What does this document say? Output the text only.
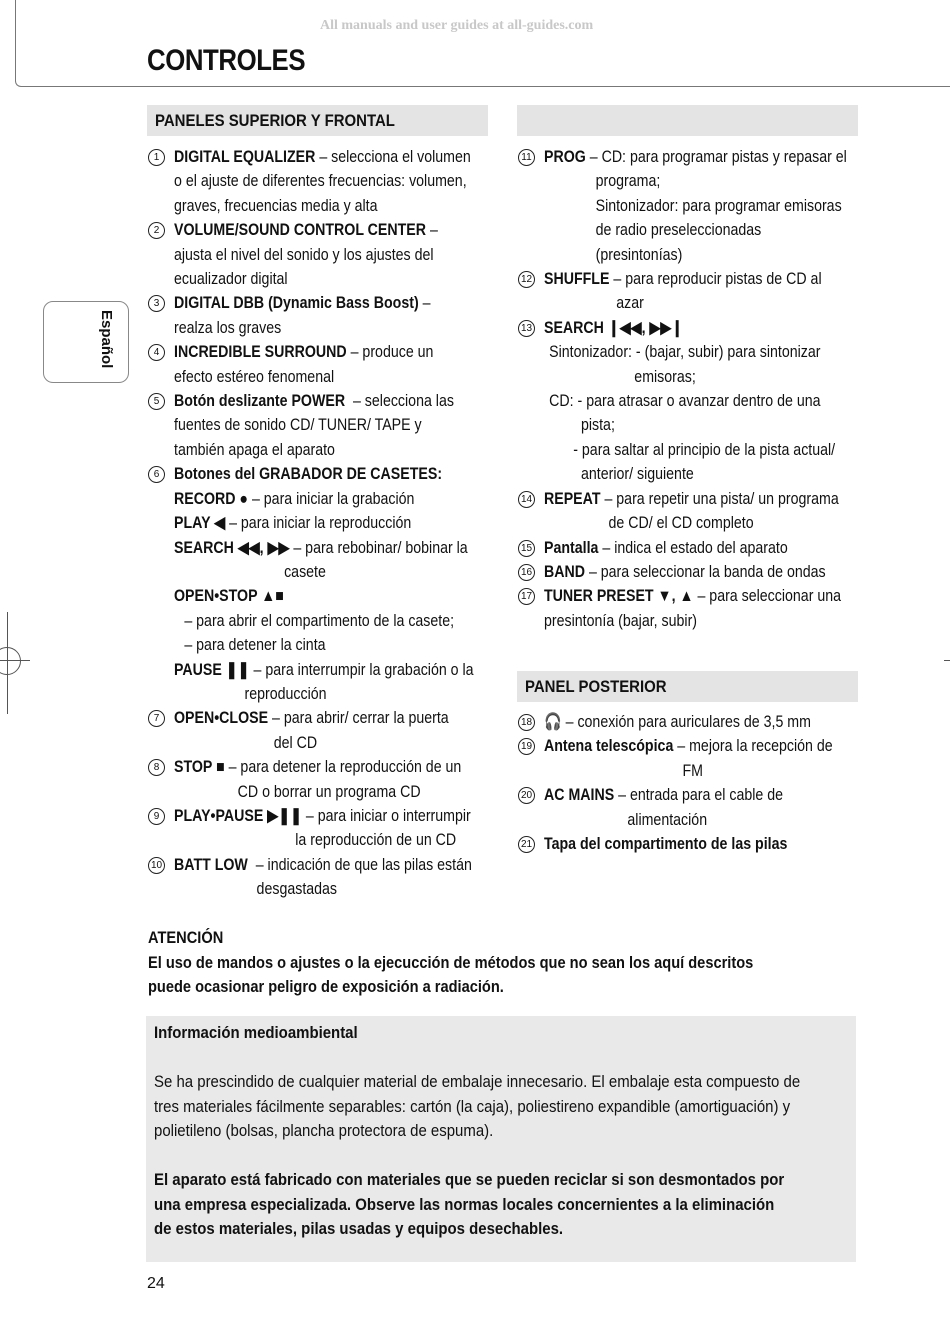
All manuals and user guides at all-guides.com
CONTROLES
Español
PANELES SUPERIOR Y FRONTAL
PANEL POSTERIOR
1 DIGITAL EQUALIZER – selecciona el volumen
o el ajuste de diferentes frecuencias: volumen,
graves, frecuencias media y alta
2 VOLUME/SOUND CONTROL CENTER –
ajusta el nivel del sonido y los ajustes del
ecualizador digital
3 DIGITAL DBB (Dynamic Bass Boost) –
realza los graves
4 INCREDIBLE SURROUND – produce un
efecto estéreo fenomenal
5 Botón deslizante POWER  – selecciona las
fuentes de sonido CD/ TUNER/ TAPE y
también apaga el aparato
6 Botones del GRABADOR DE CASETES:
RECORD ● – para iniciar la grabación
PLAY ◀ – para iniciar la reproducción
SEARCH ◀◀, ▶▶ – para rebobinar/ bobinar la
casete
OPEN•STOP ▲■
– para abrir el compartimento de la casete;
– para detener la cinta
PAUSE ❚❚ – para interrumpir la grabación o la
reproducción
7 OPEN•CLOSE – para abrir/ cerrar la puerta
del CD
8 STOP ■ – para detener la reproducción de un
CD o borrar un programa CD
9 PLAY•PAUSE ▶❚❚ – para iniciar o interrumpir
la reproducción de un CD
10 BATT LOW  – indicación de que las pilas están
desgastadas
11 PROG – CD: para programar pistas y repasar el
programa;
Sintonizador: para programar emisoras
de radio preseleccionadas
(presintonías)
12 SHUFFLE – para reproducir pistas de CD al
azar
13 SEARCH ❙◀◀, ▶▶❙
Sintonizador: - (bajar, subir) para sintonizar
emisoras;
CD: - para atrasar o avanzar dentro de una
pista;
- para saltar al principio de la pista actual/
anterior/ siguiente
14 REPEAT – para repetir una pista/ un programa
de CD/ el CD completo
15 Pantalla – indica el estado del aparato
16 BAND – para seleccionar la banda de ondas
17 TUNER PRESET ▼, ▲ – para seleccionar una
presintonía (bajar, subir)
18 🎧 – conexión para auriculares de 3,5 mm
19 Antena telescópica – mejora la recepción de
FM
20 AC MAINS – entrada para el cable de
alimentación
21 Tapa del compartimento de las pilas
ATENCIÓN
El uso de mandos o ajustes o la ejecucción de métodos que no sean los aquí descritos
puede ocasionar peligro de exposición a radiación.
Información medioambiental
Se ha prescindido de cualquier material de embalaje innecesario. El embalaje esta compuesto de
tres materiales fácilmente separables: cartón (la caja), poliestireno expandible (amortiguación) y
polietileno (bolsas, plancha protectora de espuma).
El aparato está fabricado con materiales que se pueden reciclar si son desmontados por
una empresa especializada. Observe las normas locales concernientes a la eliminación
de estos materiales, pilas usadas y equipos desechables.
24
